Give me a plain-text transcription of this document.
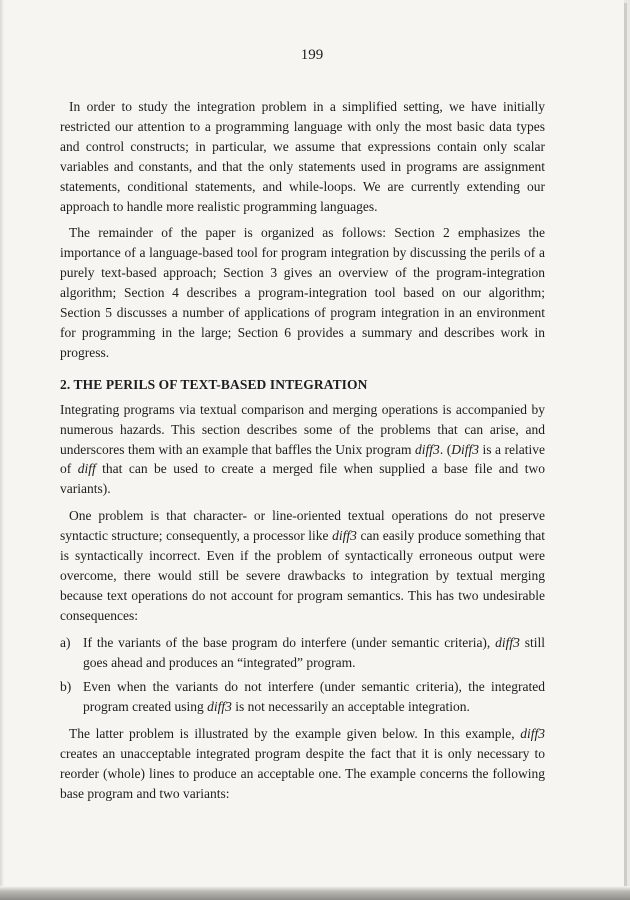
199

In order to study the integration problem in a simplified setting, we have initially restricted our attention to a programming language with only the most basic data types and control constructs; in particular, we assume that expressions contain only scalar variables and constants, and that the only statements used in programs are assignment statements, conditional statements, and while-loops. We are currently extending our approach to handle more realistic programming languages.

The remainder of the paper is organized as follows: Section 2 emphasizes the importance of a language-based tool for program integration by discussing the perils of a purely text-based approach; Section 3 gives an overview of the program-integration algorithm; Section 4 describes a program-integration tool based on our algorithm; Section 5 discusses a number of applications of program integration in an environment for programming in the large; Section 6 provides a summary and describes work in progress.

2. THE PERILS OF TEXT-BASED INTEGRATION

Integrating programs via textual comparison and merging operations is accompanied by numerous hazards. This section describes some of the problems that can arise, and underscores them with an example that baffles the Unix program diff3. (Diff3 is a relative of diff that can be used to create a merged file when supplied a base file and two variants).

One problem is that character- or line-oriented textual operations do not preserve syntactic structure; consequently, a processor like diff3 can easily produce something that is syntactically incorrect. Even if the problem of syntactically erroneous output were overcome, there would still be severe drawbacks to integration by textual merging because text operations do not account for program semantics. This has two undesirable consequences:

a) If the variants of the base program do interfere (under semantic criteria), diff3 still goes ahead and produces an “integrated” program.
b) Even when the variants do not interfere (under semantic criteria), the integrated program created using diff3 is not necessarily an acceptable integration.

The latter problem is illustrated by the example given below. In this example, diff3 creates an unacceptable integrated program despite the fact that it is only necessary to reorder (whole) lines to produce an acceptable one. The example concerns the following base program and two variants:
